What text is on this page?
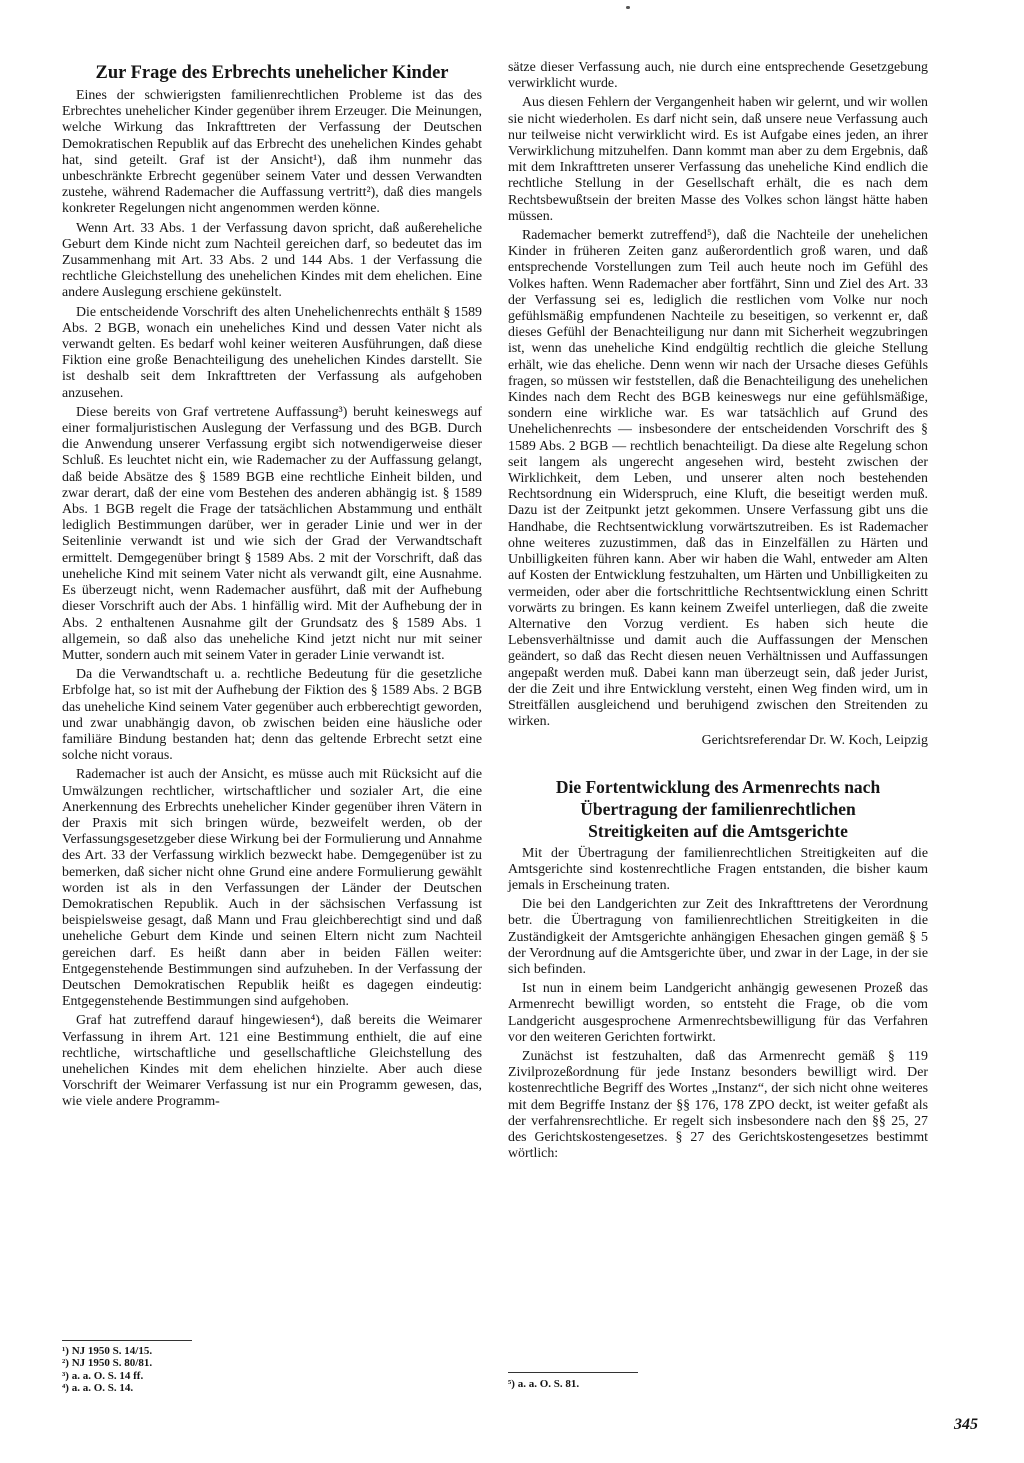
Zur Frage des Erbrechts unehelicher Kinder

Eines der schwierigsten familienrechtlichen Probleme ist das des Erbrechtes unehelicher Kinder gegenüber ihrem Erzeuger. Die Meinungen, welche Wirkung das Inkrafttreten der Verfassung der Deutschen Demokratischen Republik auf das Erbrecht des unehelichen Kindes gehabt hat, sind geteilt. Graf ist der Ansicht¹), daß ihm nunmehr das unbeschränkte Erbrecht gegenüber seinem Vater und dessen Verwandten zustehe, während Rademacher die Auffassung vertritt²), daß dies mangels konkreter Regelungen nicht angenommen werden könne.

Wenn Art. 33 Abs. 1 der Verfassung davon spricht, daß außereheliche Geburt dem Kinde nicht zum Nachteil gereichen darf, so bedeutet das im Zusammenhang mit Art. 33 Abs. 2 und 144 Abs. 1 der Verfassung die rechtliche Gleichstellung des unehelichen Kindes mit dem ehelichen. Eine andere Auslegung erschiene gekünstelt.

Die entscheidende Vorschrift des alten Unehelichenrechts enthält § 1589 Abs. 2 BGB, wonach ein uneheliches Kind und dessen Vater nicht als verwandt gelten. Es bedarf wohl keiner weiteren Ausführungen, daß diese Fiktion eine große Benachteiligung des unehelichen Kindes darstellt. Sie ist deshalb seit dem Inkrafttreten der Verfassung als aufgehoben anzusehen.

Diese bereits von Graf vertretene Auffassung³) beruht keineswegs auf einer formaljuristischen Auslegung der Verfassung und des BGB. Durch die Anwendung unserer Verfassung ergibt sich notwendigerweise dieser Schluß. Es leuchtet nicht ein, wie Rademacher zu der Auffassung gelangt, daß beide Absätze des § 1589 BGB eine rechtliche Einheit bilden, und zwar derart, daß der eine vom Bestehen des anderen abhängig ist. § 1589 Abs. 1 BGB regelt die Frage der tatsächlichen Abstammung und enthält lediglich Bestimmungen darüber, wer in gerader Linie und wer in der Seitenlinie verwandt ist und wie sich der Grad der Verwandtschaft ermittelt. Demgegenüber bringt § 1589 Abs. 2 mit der Vorschrift, daß das uneheliche Kind mit seinem Vater nicht als verwandt gilt, eine Ausnahme. Es überzeugt nicht, wenn Rademacher ausführt, daß mit der Aufhebung dieser Vorschrift auch der Abs. 1 hinfällig wird. Mit der Aufhebung der in Abs. 2 enthaltenen Ausnahme gilt der Grundsatz des § 1589 Abs. 1 allgemein, so daß also das uneheliche Kind jetzt nicht nur mit seiner Mutter, sondern auch mit seinem Vater in gerader Linie verwandt ist.

Da die Verwandtschaft u. a. rechtliche Bedeutung für die gesetzliche Erbfolge hat, so ist mit der Aufhebung der Fiktion des § 1589 Abs. 2 BGB das uneheliche Kind seinem Vater gegenüber auch erbberechtigt geworden, und zwar unabhängig davon, ob zwischen beiden eine häusliche oder familiäre Bindung bestanden hat; denn das geltende Erbrecht setzt eine solche nicht voraus.

Rademacher ist auch der Ansicht, es müsse auch mit Rücksicht auf die Umwälzungen rechtlicher, wirtschaftlicher und sozialer Art, die eine Anerkennung des Erbrechts unehelicher Kinder gegenüber ihren Vätern in der Praxis mit sich bringen würde, bezweifelt werden, ob der Verfassungsgesetzgeber diese Wirkung bei der Formulierung und Annahme des Art. 33 der Verfassung wirklich bezweckt habe. Demgegenüber ist zu bemerken, daß sicher nicht ohne Grund eine andere Formulierung gewählt worden ist als in den Verfassungen der Länder der Deutschen Demokratischen Republik. Auch in der sächsischen Verfassung ist beispielsweise gesagt, daß Mann und Frau gleichberechtigt sind und daß uneheliche Geburt dem Kinde und seinen Eltern nicht zum Nachteil gereichen darf. Es heißt dann aber in beiden Fällen weiter: Entgegenstehende Bestimmungen sind aufzuheben. In der Verfassung der Deutschen Demokratischen Republik heißt es dagegen eindeutig: Entgegenstehende Bestimmungen sind aufgehoben.

Graf hat zutreffend darauf hingewiesen⁴), daß bereits die Weimarer Verfassung in ihrem Art. 121 eine Bestimmung enthielt, die auf eine rechtliche, wirtschaftliche und gesellschaftliche Gleichstellung des unehelichen Kindes mit dem ehelichen hinzielte. Aber auch diese Vorschrift der Weimarer Verfassung ist nur ein Programm gewesen, das, wie viele andere Programm-

¹) NJ 1950 S. 14/15.
²) NJ 1950 S. 80/81.
³) a. a. O. S. 14 ff.
⁴) a. a. O. S. 14.

sätze dieser Verfassung auch, nie durch eine entsprechende Gesetzgebung verwirklicht wurde.

Aus diesen Fehlern der Vergangenheit haben wir gelernt, und wir wollen sie nicht wiederholen. Es darf nicht sein, daß unsere neue Verfassung auch nur teilweise nicht verwirklicht wird. Es ist Aufgabe eines jeden, an ihrer Verwirklichung mitzuhelfen. Dann kommt man aber zu dem Ergebnis, daß mit dem Inkrafttreten unserer Verfassung das uneheliche Kind endlich die rechtliche Stellung in der Gesellschaft erhält, die es nach dem Rechtsbewußtsein der breiten Masse des Volkes schon längst hätte haben müssen.

Rademacher bemerkt zutreffend⁵), daß die Nachteile der unehelichen Kinder in früheren Zeiten ganz außerordentlich groß waren, und daß entsprechende Vorstellungen zum Teil auch heute noch im Gefühl des Volkes haften. Wenn Rademacher aber fortfährt, Sinn und Ziel des Art. 33 der Verfassung sei es, lediglich die restlichen vom Volke nur noch gefühlsmäßig empfundenen Nachteile zu beseitigen, so verkennt er, daß dieses Gefühl der Benachteiligung nur dann mit Sicherheit wegzubringen ist, wenn das uneheliche Kind endgültig rechtlich die gleiche Stellung erhält, wie das eheliche. Denn wenn wir nach der Ursache dieses Gefühls fragen, so müssen wir feststellen, daß die Benachteiligung des unehelichen Kindes nach dem Recht des BGB keineswegs nur eine gefühlsmäßige, sondern eine wirkliche war. Es war tatsächlich auf Grund des Unehelichenrechts — insbesondere der entscheidenden Vorschrift des § 1589 Abs. 2 BGB — rechtlich benachteiligt. Da diese alte Regelung schon seit langem als ungerecht angesehen wird, besteht zwischen der Wirklichkeit, dem Leben, und unserer alten noch bestehenden Rechtsordnung ein Widerspruch, eine Kluft, die beseitigt werden muß. Dazu ist der Zeitpunkt jetzt gekommen. Unsere Verfassung gibt uns die Handhabe, die Rechtsentwicklung vorwärtszutreiben. Es ist Rademacher ohne weiteres zuzustimmen, daß das in Einzelfällen zu Härten und Unbilligkeiten führen kann. Aber wir haben die Wahl, entweder am Alten auf Kosten der Entwicklung festzuhalten, um Härten und Unbilligkeiten zu vermeiden, oder aber die fortschrittliche Rechtsentwicklung einen Schritt vorwärts zu bringen. Es kann keinem Zweifel unterliegen, daß die zweite Alternative den Vorzug verdient. Es haben sich heute die Lebensverhältnisse und damit auch die Auffassungen der Menschen geändert, so daß das Recht diesen neuen Verhältnissen und Auffassungen angepaßt werden muß. Dabei kann man überzeugt sein, daß jeder Jurist, der die Zeit und ihre Entwicklung versteht, einen Weg finden wird, um in Streitfällen ausgleichend und beruhigend zwischen den Streitenden zu wirken.

Gerichtsreferendar Dr. W. Koch, Leipzig
Die Fortentwicklung des Armenrechts nach
Übertragung der familienrechtlichen
Streitigkeiten auf die Amtsgerichte

Mit der Übertragung der familienrechtlichen Streitigkeiten auf die Amtsgerichte sind kostenrechtliche Fragen entstanden, die bisher kaum jemals in Erscheinung traten.

Die bei den Landgerichten zur Zeit des Inkrafttretens der Verordnung betr. die Übertragung von familienrechtlichen Streitigkeiten in die Zuständigkeit der Amtsgerichte anhängigen Ehesachen gingen gemäß § 5 der Verordnung auf die Amtsgerichte über, und zwar in der Lage, in der sie sich befinden.

Ist nun in einem beim Landgericht anhängig gewesenen Prozeß das Armenrecht bewilligt worden, so entsteht die Frage, ob die vom Landgericht ausgesprochene Armenrechtsbewilligung für das Verfahren vor den weiteren Gerichten fortwirkt.

Zunächst ist festzuhalten, daß das Armenrecht gemäß § 119 Zivilprozeßordnung für jede Instanz besonders bewilligt wird. Der kostenrechtliche Begriff des Wortes „Instanz“, der sich nicht ohne weiteres mit dem Begriffe Instanz der §§ 176, 178 ZPO deckt, ist weiter gefaßt als der verfahrensrechtliche. Er regelt sich insbesondere nach den §§ 25, 27 des Gerichtskostengesetzes. § 27 des Gerichtskostengesetzes bestimmt wörtlich:

⁵) a. a. O. S. 81.
345
